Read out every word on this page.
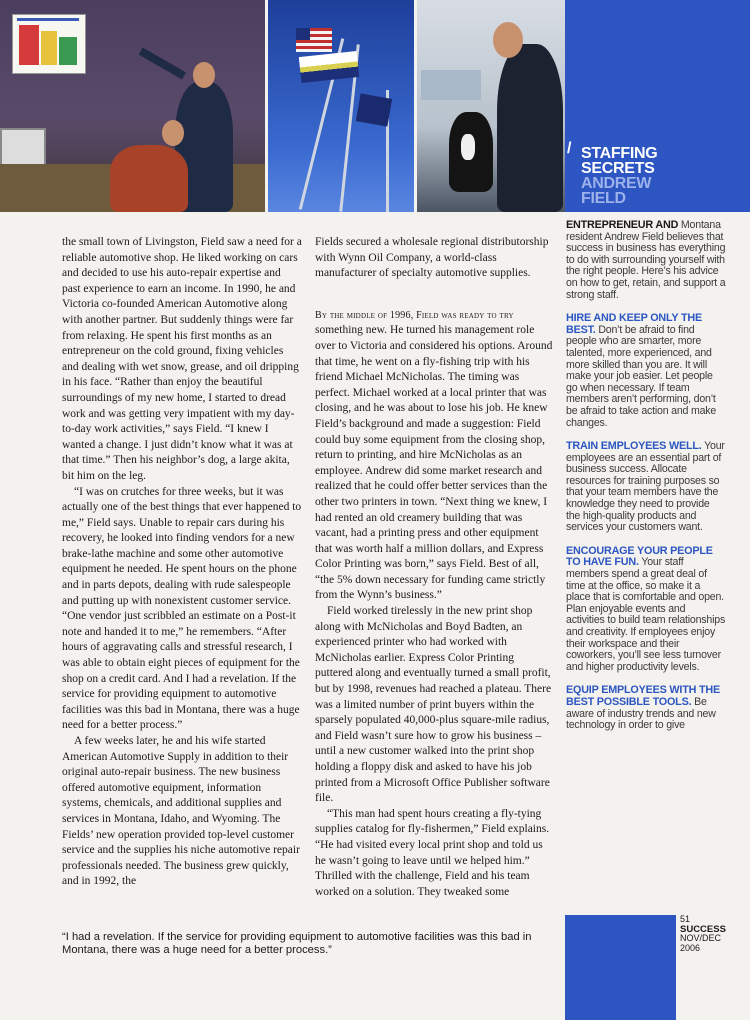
/ STAFFING
SECRETS
ANDREW
FIELD

the small town of Livingston, Field saw a need for a reliable automotive shop. He liked working on cars and decided to use his auto-repair expertise and past experience to earn an income. In 1990, he and Victoria co-founded American Automotive along with another partner. But suddenly things were far from relaxing. He spent his first months as an entrepreneur on the cold ground, fixing vehicles and dealing with wet snow, grease, and oil dripping in his face. “Rather than enjoy the beautiful surroundings of my new home, I started to dread work and was getting very impatient with my day-to-day work activities,” says Field. “I knew I wanted a change. I just didn’t know what it was at that time.” Then his neighbor’s dog, a large akita, bit him on the leg.

“I was on crutches for three weeks, but it was actually one of the best things that ever happened to me,” Field says. Unable to repair cars during his recovery, he looked into finding vendors for a new brake-lathe machine and some other automotive equipment he needed. He spent hours on the phone and in parts depots, dealing with rude salespeople and putting up with nonexistent customer service. “One vendor just scribbled an estimate on a Post-it note and handed it to me,” he remembers. “After hours of aggravating calls and stressful research, I was able to obtain eight pieces of equipment for the shop on a credit card. And I had a revelation. If the service for providing equipment to automotive facilities was this bad in Montana, there was a huge need for a better process.”

A few weeks later, he and his wife started American Automotive Supply in addition to their original auto-repair business. The new business offered automotive equipment, information systems, chemicals, and additional supplies and services in Montana, Idaho, and Wyoming. The Fields’ new operation provided top-level customer service and the supplies his niche automotive repair professionals needed. The business grew quickly, and in 1992, the

Fields secured a wholesale regional distributorship with Wynn Oil Company, a world-class manufacturer of specialty automotive supplies.

By the middle of 1996, Field was ready to try something new. He turned his management role over to Victoria and considered his options. Around that time, he went on a fly-fishing trip with his friend Michael McNicholas. The timing was perfect. Michael worked at a local printer that was closing, and he was about to lose his job. He knew Field’s background and made a suggestion: Field could buy some equipment from the closing shop, return to printing, and hire McNicholas as an employee. Andrew did some market research and realized that he could offer better services than the other two printers in town. “Next thing we knew, I had rented an old creamery building that was vacant, had a printing press and other equipment that was worth half a million dollars, and Express Color Printing was born,” says Field. Best of all, “the 5% down necessary for funding came strictly from the Wynn’s business.”

Field worked tirelessly in the new print shop along with McNicholas and Boyd Badten, an experienced printer who had worked with McNicholas earlier. Express Color Printing puttered along and eventually turned a small profit, but by 1998, revenues had reached a plateau. There was a limited number of print buyers within the sparsely populated 40,000-plus square-mile radius, and Field wasn’t sure how to grow his business – until a new customer walked into the print shop holding a floppy disk and asked to have his job printed from a Microsoft Office Publisher software file.

“This man had spent hours creating a fly-tying supplies catalog for fly-fishermen,” Field explains. “He had visited every local print shop and told us he wasn’t going to leave until we helped him.” Thrilled with the challenge, Field and his team worked on a solution. They tweaked some

ENTREPRENEUR AND Montana resident Andrew Field believes that success in business has everything to do with surrounding yourself with the right people. Here’s his advice on how to get, retain, and support a strong staff.
HIRE AND KEEP ONLY THE BEST. Don’t be afraid to find people who are smarter, more talented, more experienced, and more skilled than you are. It will make your job easier. Let people go when necessary. If team members aren’t performing, don’t be afraid to take action and make changes.
TRAIN EMPLOYEES WELL. Your employees are an essential part of business success. Allocate resources for training purposes so that your team members have the knowledge they need to provide the high-quality products and services your customers want.
ENCOURAGE YOUR PEOPLE TO HAVE FUN. Your staff members spend a great deal of time at the office, so make it a place that is comfortable and open. Plan enjoyable events and activities to build team relationships and creativity. If employees enjoy their workspace and their coworkers, you’ll see less turnover and higher productivity levels.
EQUIP EMPLOYEES WITH THE BEST POSSIBLE TOOLS. Be aware of industry trends and new technology in order to give
“I had a revelation. If the service for providing equipment to automotive facilities was this bad in Montana, there was a huge need for a better process.”
51
SUCCESS
NOV/DEC
2006
